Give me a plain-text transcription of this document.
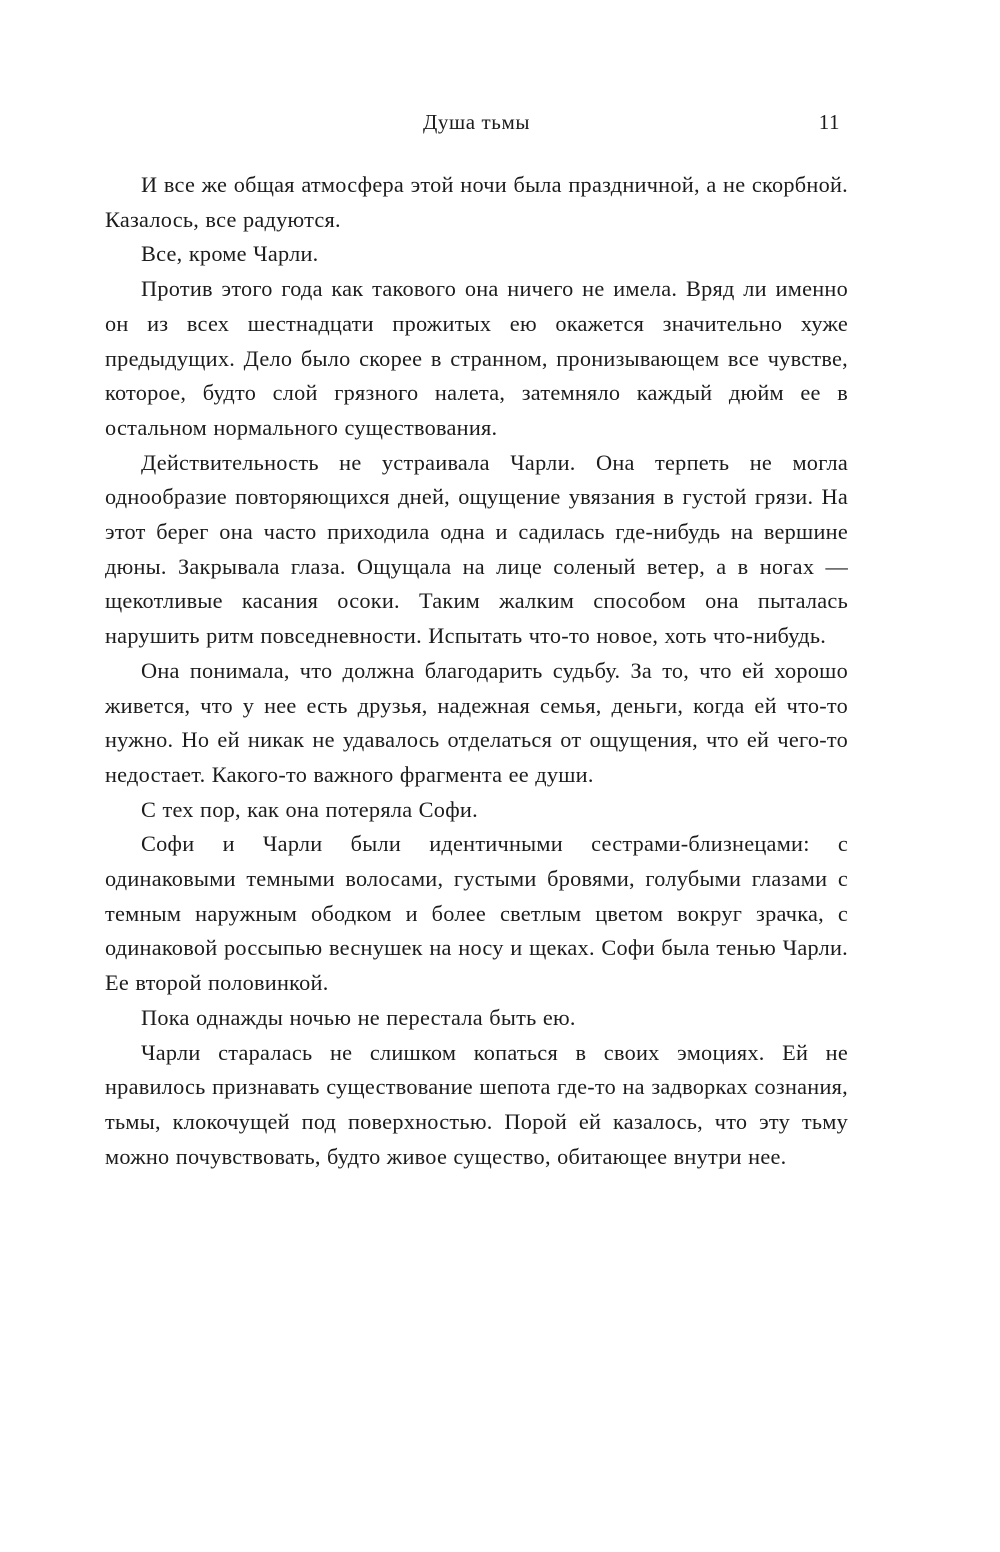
Душа тьмы	11

И все же общая атмосфера этой ночи была праздничной, а не скорбной. Казалось, все радуются.

Все, кроме Чарли.

Против этого года как такового она ничего не имела. Вряд ли именно он из всех шестнадцати прожитых ею окажется значительно хуже предыдущих. Дело было скорее в странном, пронизывающем все чувстве, которое, будто слой грязного налета, затемняло каждый дюйм ее в остальном нормального существования.

Действительность не устраивала Чарли. Она терпеть не могла однообразие повторяющихся дней, ощущение увязания в густой грязи. На этот берег она часто приходила одна и садилась где-нибудь на вершине дюны. Закрывала глаза. Ощущала на лице соленый ветер, а в ногах — щекотливые касания осоки. Таким жалким способом она пыталась нарушить ритм повседневности. Испытать что-то новое, хоть что-нибудь.

Она понимала, что должна благодарить судьбу. За то, что ей хорошо живется, что у нее есть друзья, надежная семья, деньги, когда ей что-то нужно. Но ей никак не удавалось отделаться от ощущения, что ей чего-то недостает. Какого-то важного фрагмента ее души.

С тех пор, как она потеряла Софи.

Софи и Чарли были идентичными сестрами-близнецами: с одинаковыми темными волосами, густыми бровями, голубыми глазами с темным наружным ободком и более светлым цветом вокруг зрачка, с одинаковой россыпью веснушек на носу и щеках. Софи была тенью Чарли. Ее второй половинкой.

Пока однажды ночью не перестала быть ею.

Чарли старалась не слишком копаться в своих эмоциях. Ей не нравилось признавать существование шепота где-то на задворках сознания, тьмы, клокочущей под поверхностью. Порой ей казалось, что эту тьму можно почувствовать, будто живое существо, обитающее внутри нее.
